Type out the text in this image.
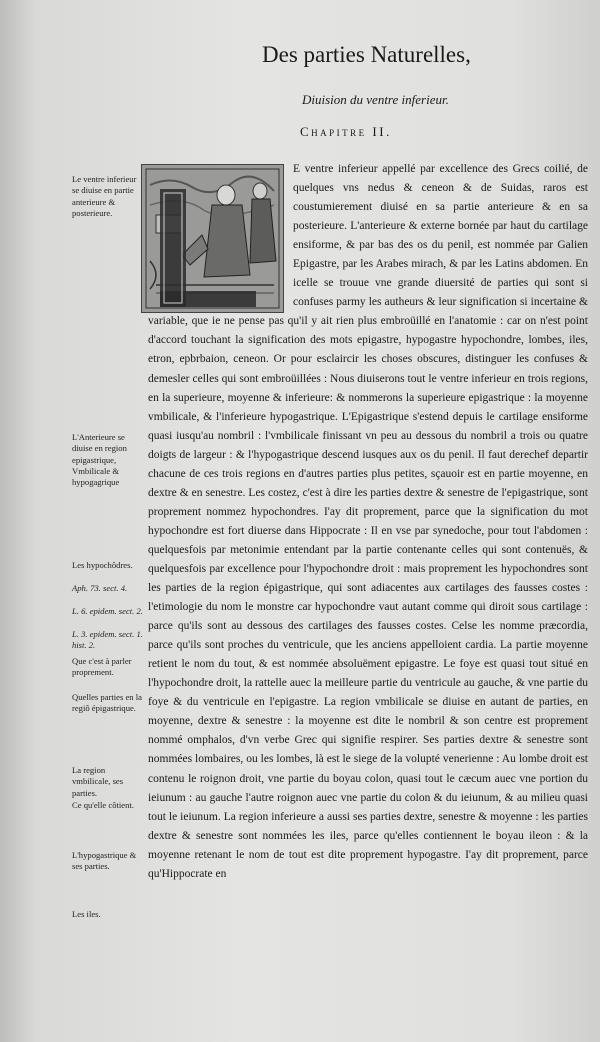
Des parties Naturelles,
Diuision du ventre inferieur.
Chapitre II.
Le ventre inferieur se diuise en partie anterieure & posterieure.
L'Anterieure se diuise en region epigastrique, Vmbilicale & hypogagrique
Les hypochôdres.
Aph. 73. sect. 4.
L. 6. epidem. sect. 2.
L. 3. epidem. sect. 1. hist. 2.
Que c'est à parler proprement.
Quelles parties en la regiô épigastrique.
La region vmbilicale, ses parties.
Ce qu'elle côtient.
L'hypogastrique & ses parties.
Les iles.
E ventre inferieur appellé par excellence des Grecs coilié, de quelques vns nedus & ceneon & de Suidas, raros est coustumierement diuisé en sa partie anterieure & en sa posterieure. L'anterieure & externe bornée par haut du cartilage ensiforme, & par bas des os du penil, est nommée par Galien Epigastre, par les Arabes mirach, & par les Latins abdomen. En icelle se trouue vne grande diuersité de parties qui sont si confuses parmy les autheurs & leur signification si incertaine & variable, que ie ne pense pas qu'il y ait rien plus embroüillé en l'anatomie : car on n'est point d'accord touchant la signification des mots epigastre, hypogastre hypochondre, lombes, iles, etron, epbrbaion, ceneon. Or pour esclaircir les choses obscures, distinguer les confuses & demesler celles qui sont embroüillées : Nous diuiserons tout le ventre inferieur en trois regions, en la superieure, moyenne & inferieure: & nommerons la superieure epigastrique : la moyenne vmbilicale, & l'inferieure hypogastrique. L'Epigastrique s'estend depuis le cartilage ensiforme quasi iusqu'au nombril : l'vmbilicale finissant vn peu au dessous du nombril a trois ou quatre doigts de largeur : & l'hypogastrique descend iusques aux os du penil. Il faut derechef departir chacune de ces trois regions en d'autres parties plus petites, sçauoir est en partie moyenne, en dextre & en senestre. Les costez, c'est à dire les parties dextre & senestre de l'epigastrique, sont proprement nommez hypochondres. I'ay dit proprement, parce que la signification du mot hypochondre est fort diuerse dans Hippocrate : Il en vse par synedoche, pour tout l'abdomen : quelquesfois par metonimie entendant par la partie contenante celles qui sont contenuës, & quelquesfois par excellence pour l'hypochondre droit : mais proprement les hypochondres sont les parties de la region épigastrique, qui sont adiacentes aux cartilages des fausses costes : l'etimologie du nom le monstre car hypochondre vaut autant comme qui diroit sous cartilage : parce qu'ils sont au dessous des cartilages des fausses costes. Celse les nomme præcordia, parce qu'ils sont proches du ventricule, que les anciens appelloient cardia. La partie moyenne retient le nom du tout, & est nommée absoluëment epigastre. Le foye est quasi tout situé en l'hypochondre droit, la rattelle auec la meilleure partie du ventricule au gauche, & vne partie du foye & du ventricule en l'epigastre. La region vmbilicale se diuise en autant de parties, en moyenne, dextre & senestre : la moyenne est dite le nombril & son centre est proprement nommé omphalos, d'vn verbe Grec qui signifie respirer. Ses parties dextre & senestre sont nommées lombaires, ou les lombes, là est le siege de la volupté venerienne : Au lombe droit est contenu le roignon droit, vne partie du boyau colon, quasi tout le cæcum auec vne portion du ieiunum : au gauche l'autre roignon auec vne partie du colon & du ieiunum, & au milieu quasi tout le ieiunum. La region inferieure a aussi ses parties dextre, senestre & moyenne : les parties dextre & senestre sont nommées les iles, parce qu'elles contiennent le boyau ileon : & la moyenne retenant le nom de tout est dite proprement hypogastre. I'ay dit proprement, parce qu'Hippocrate en
